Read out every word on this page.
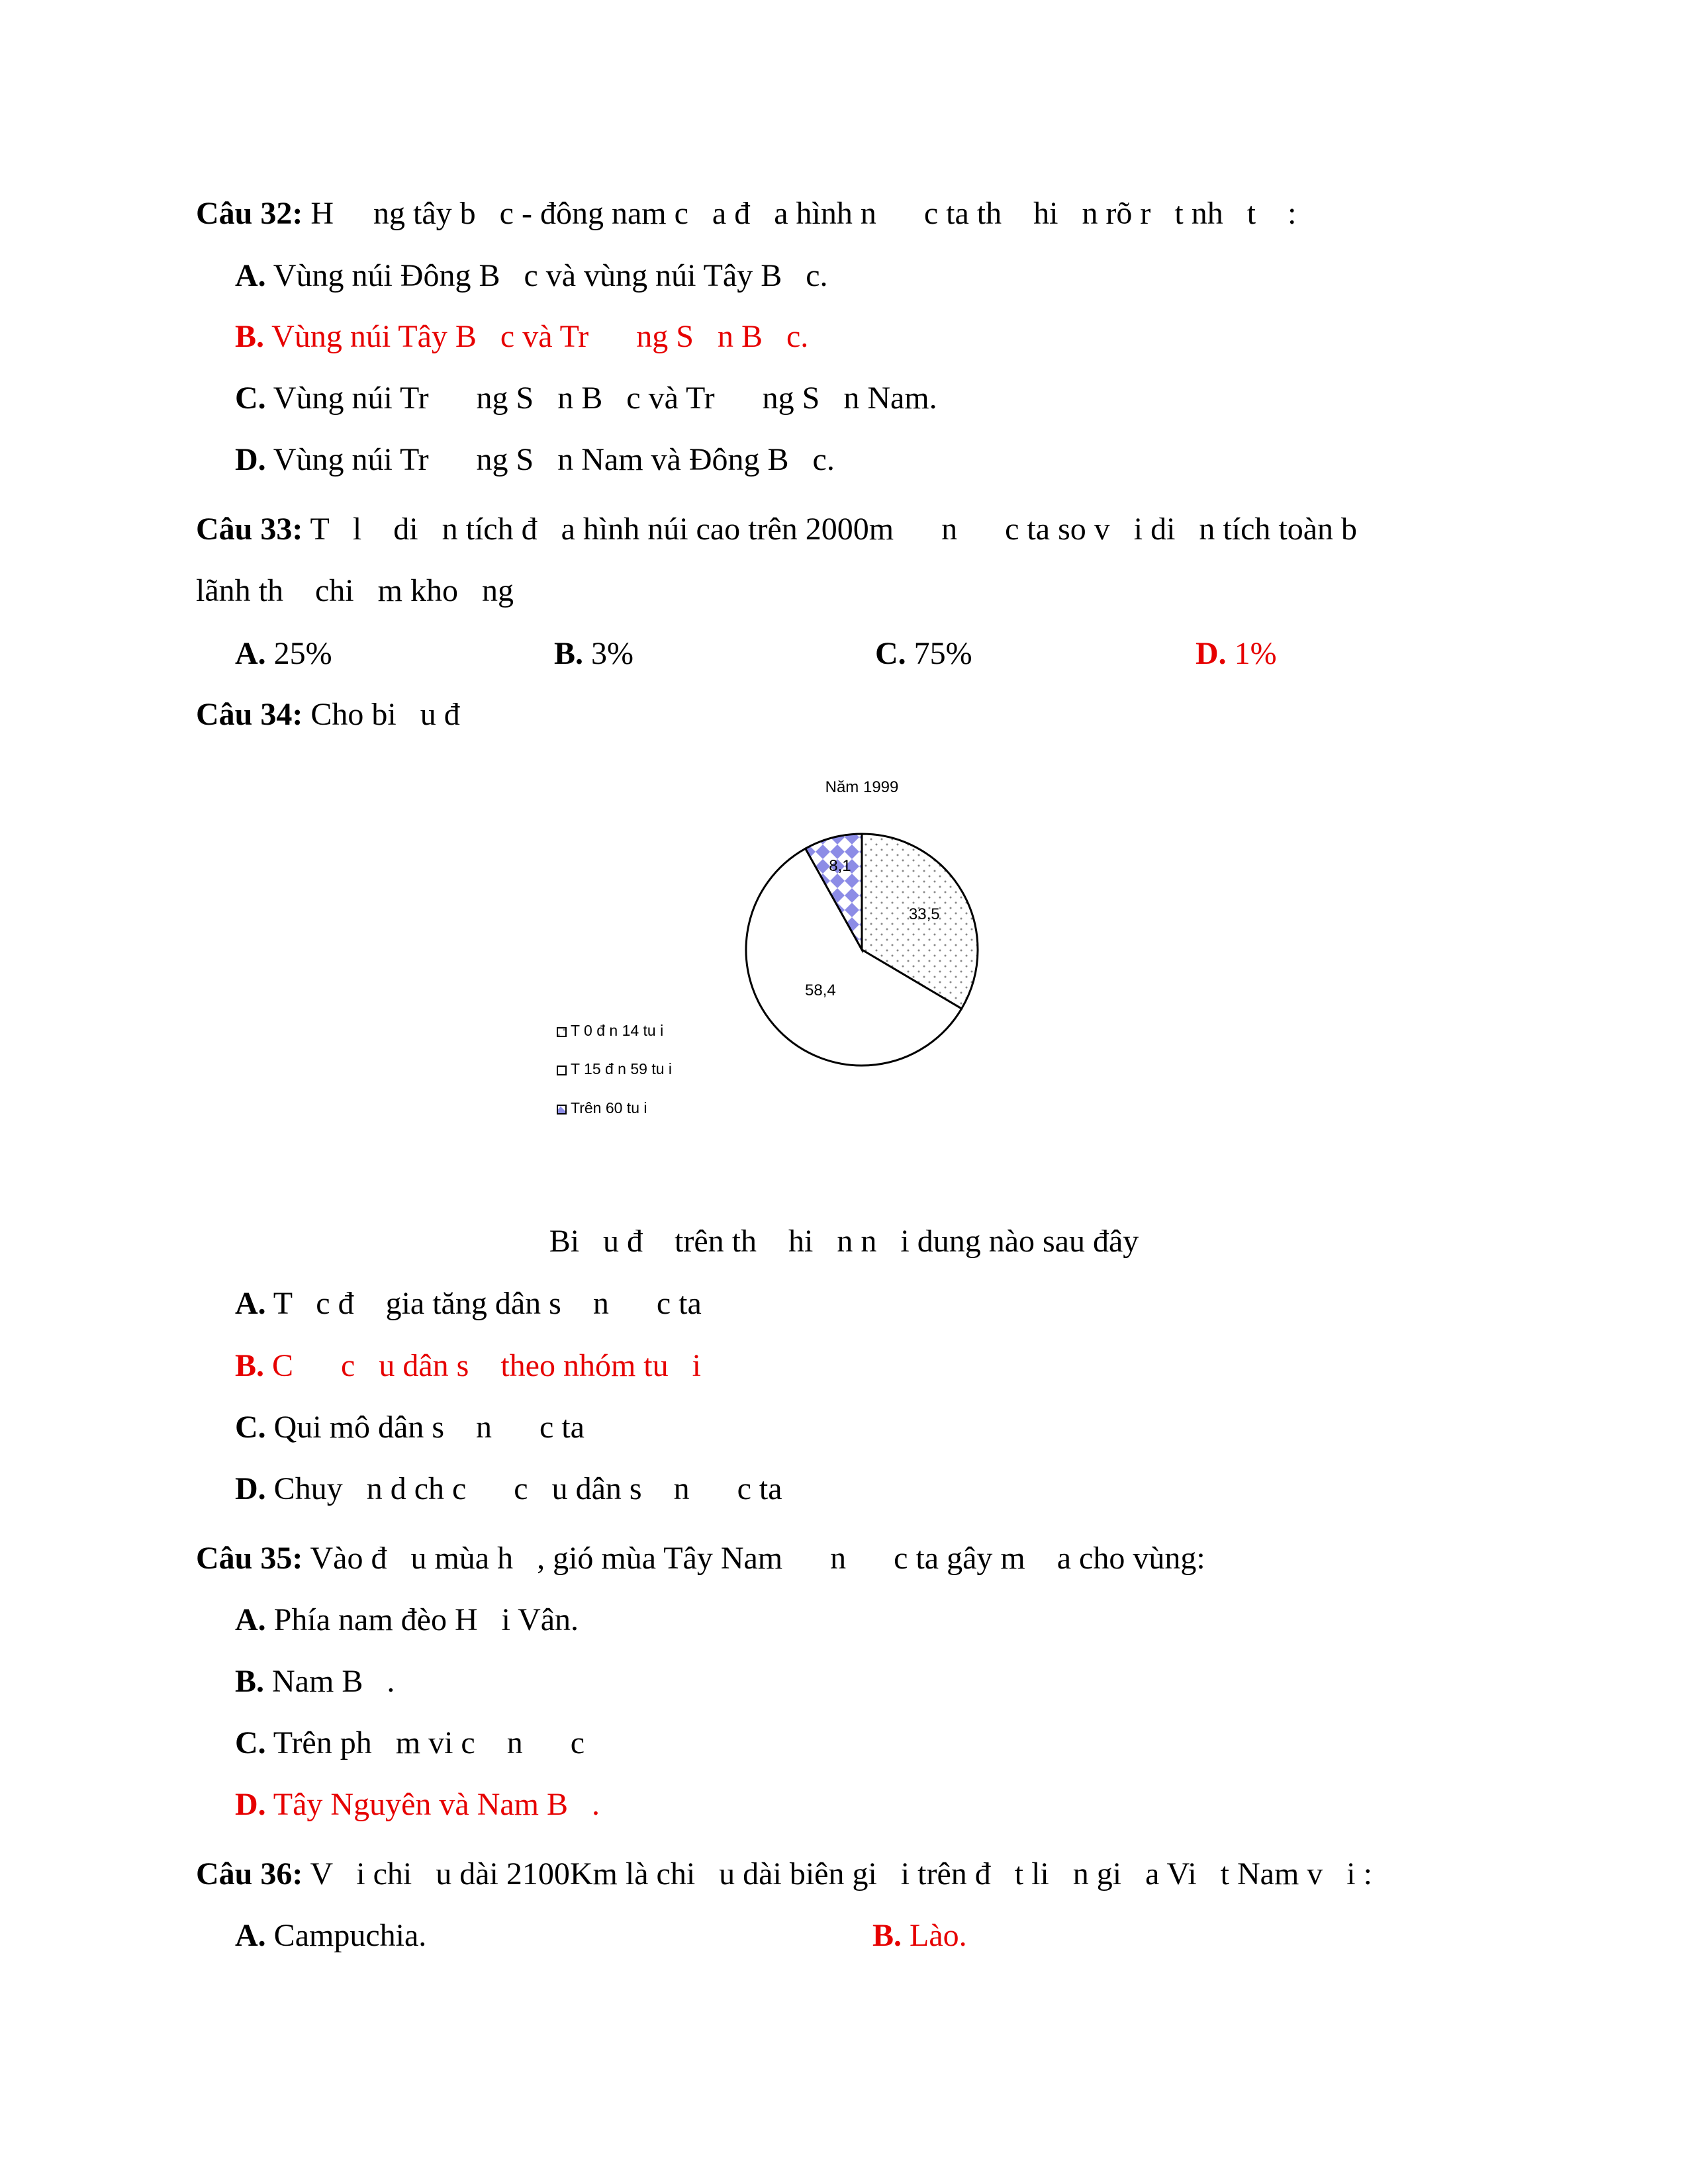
Câu 32: H     ng tây b   c - đông nam c   a đ   a hình n      c ta th    hi   n rõ r   t nh   t    :
A. Vùng núi Đông B   c và vùng núi Tây B   c.
B. Vùng núi Tây B   c và Tr      ng S   n B   c.
C. Vùng núi Tr      ng S   n B   c và Tr      ng S   n Nam.
D. Vùng núi Tr      ng S   n Nam và Đông B   c.
Câu 33: T   l    di   n tích đ   a hình núi cao trên 2000m      n      c ta so v   i di   n tích toàn b
lãnh th    chi   m kho   ng
A. 25%	B. 3%	C. 75%	D. 1%
Câu 34: Cho bi   u đ
Năm 1999
33,5
58,4
8,1
T 0 đ n 14 tu i
T 15 đ n 59 tu i
Trên 60 tu i
Bi   u đ    trên th    hi   n n   i dung nào sau đây
A. T   c đ    gia tăng dân s    n      c ta
B. C      c   u dân s    theo nhóm tu   i
C. Qui mô dân s    n      c ta
D. Chuy   n d ch c      c   u dân s    n      c ta
Câu 35: Vào đ   u mùa h   , gió mùa Tây Nam      n      c ta gây m    a cho vùng:
A. Phía nam đèo H   i Vân.
B. Nam B   .
C. Trên ph   m vi c    n      c
D. Tây Nguyên và Nam B   .
Câu 36: V   i chi   u dài 2100Km là chi   u dài biên gi   i trên đ   t li   n gi   a Vi   t Nam v   i :
A. Campuchia.	B. Lào.
